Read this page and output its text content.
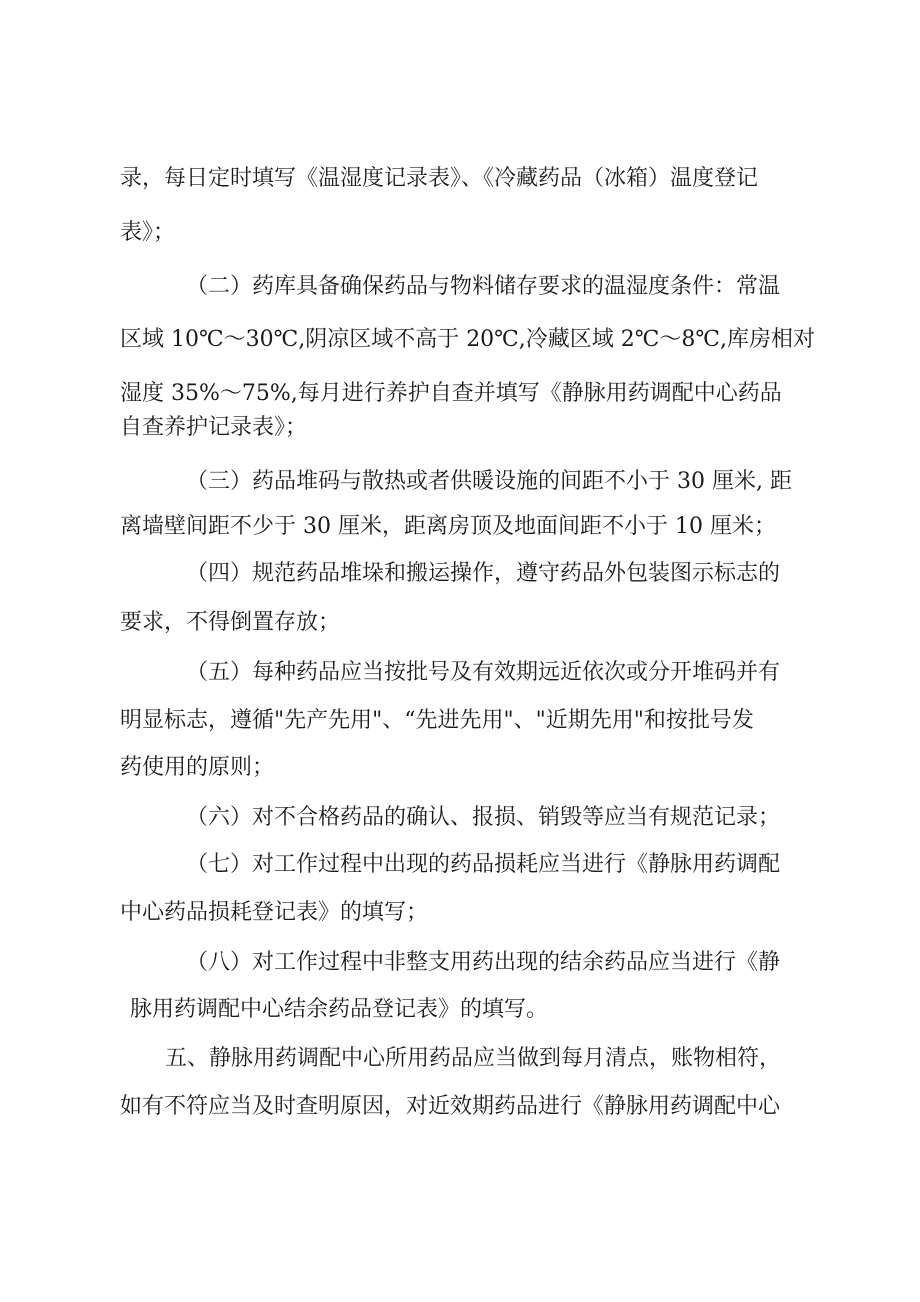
录，每日定时填写《温湿度记录表》、《冷藏药品（冰箱）温度登记
表》；
（二）药库具备确保药品与物料储存要求的温湿度条件：常温
区域 10℃～30℃,阴凉区域不高于 20℃,冷藏区域 2℃～8℃,库房相对
湿度 35%～75%,每月进行养护自查并填写《静脉用药调配中心药品
自查养护记录表》；
（三）药品堆码与散热或者供暖设施的间距不小于 30 厘米, 距
离墙壁间距不少于 30 厘米，距离房顶及地面间距不小于 10 厘米；
（四）规范药品堆垛和搬运操作，遵守药品外包装图示标志的
要求，不得倒置存放；
（五）每种药品应当按批号及有效期远近依次或分开堆码并有
明显标志，遵循"先产先用"、“先进先用"、"近期先用"和按批号发
药使用的原则；
（六）对不合格药品的确认、报损、销毁等应当有规范记录；
（七）对工作过程中出现的药品损耗应当进行《静脉用药调配
中心药品损耗登记表》的填写；
（八）对工作过程中非整支用药出现的结余药品应当进行《静
脉用药调配中心结余药品登记表》的填写。
五、静脉用药调配中心所用药品应当做到每月清点，账物相符，
如有不符应当及时查明原因，对近效期药品进行《静脉用药调配中心
